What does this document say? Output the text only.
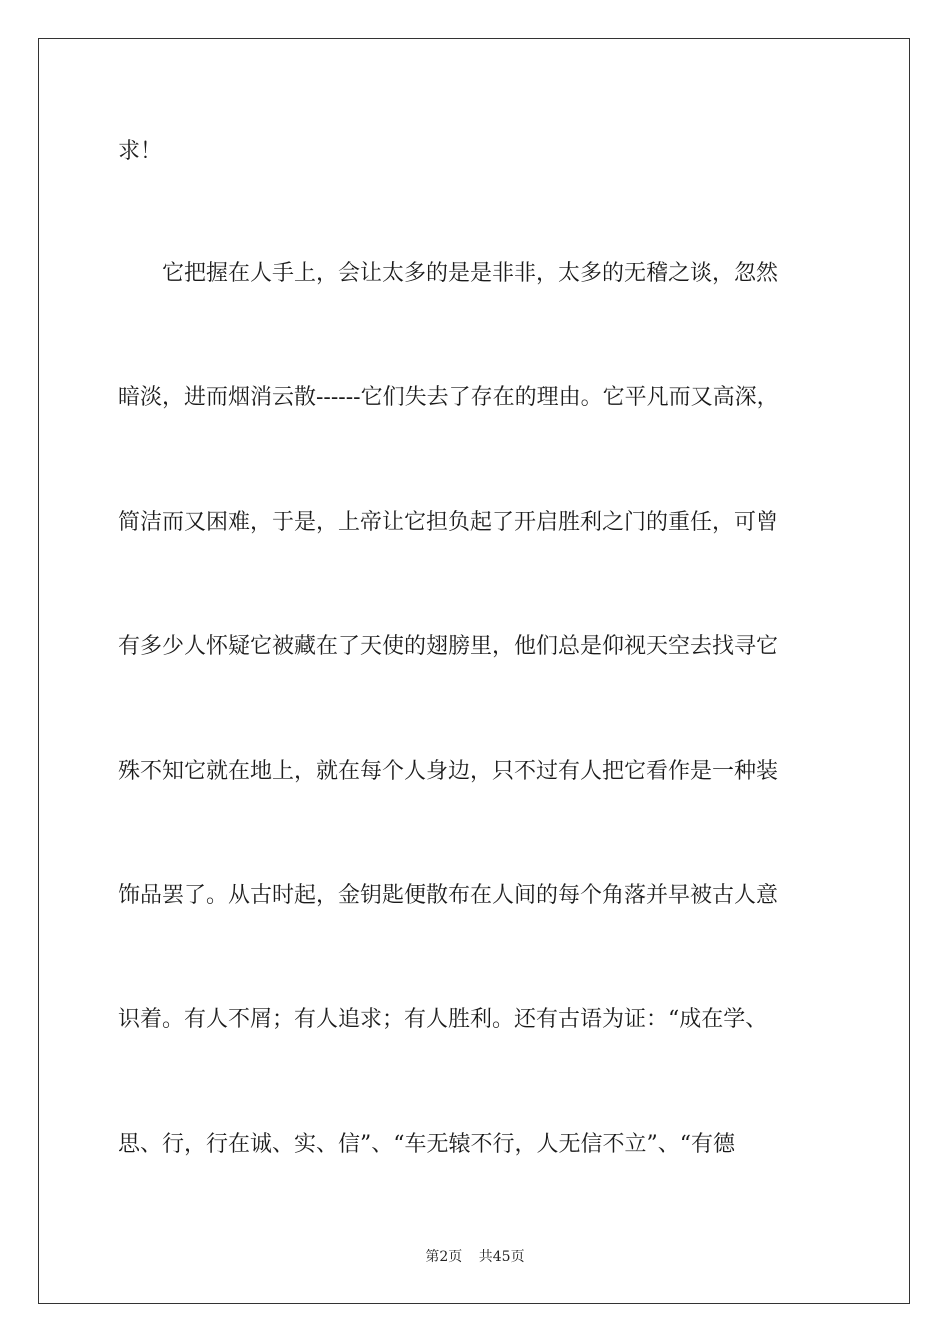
求！
它把握在人手上，会让太多的是是非非，太多的无稽之谈，忽然
暗淡，进而烟消云散------它们失去了存在的理由。它平凡而又高深，
简洁而又困难，于是，上帝让它担负起了开启胜利之门的重任，可曾
有多少人怀疑它被藏在了天使的翅膀里，他们总是仰视天空去找寻它
殊不知它就在地上，就在每个人身边，只不过有人把它看作是一种装
饰品罢了。从古时起，金钥匙便散布在人间的每个角落并早被古人意
识着。有人不屑；有人追求；有人胜利。还有古语为证：“成在学、
思、行，行在诚、实、信”、“车无辕不行，人无信不立”、“有德
第2页 共45页
